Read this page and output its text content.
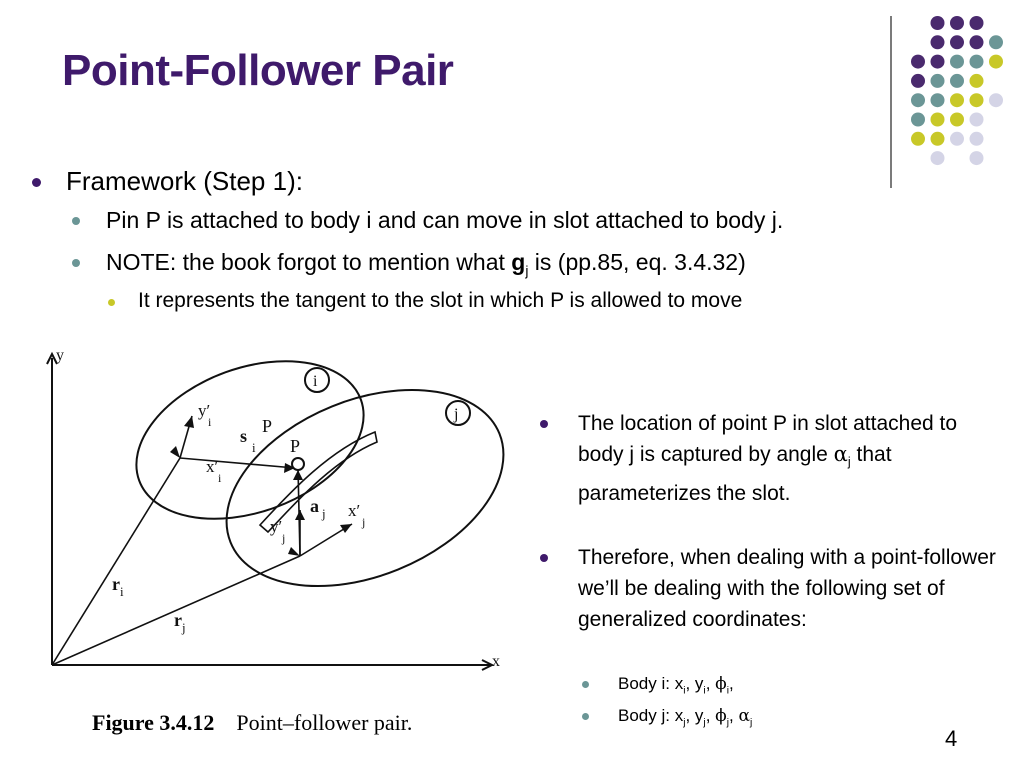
Point-Follower Pair
Framework (Step 1):
Pin P is attached to body i and can move in slot attached to body j.
NOTE: the book forgot to mention what $g_j$ is (pp.85, eq. 3.4.32)
It represents the tangent to the slot in which P is allowed to move
y
x
i
j
P
P
s
i
y′
i
x′
i
a j x′
j
y′
j
r i
r j
Figure 3.4.12 Point–follower pair.
The location of point P in slot attached to body j is captured by angle $\alpha_j$ that parameterizes the slot.
Therefore, when dealing with a point-follower we’ll be dealing with the following set of generalized coordinates:
Body i: $x_i$, $y_i$, $\phi_i$,
Body j: $x_j$, $y_j$, $\phi_j$, $\alpha_j$
4
